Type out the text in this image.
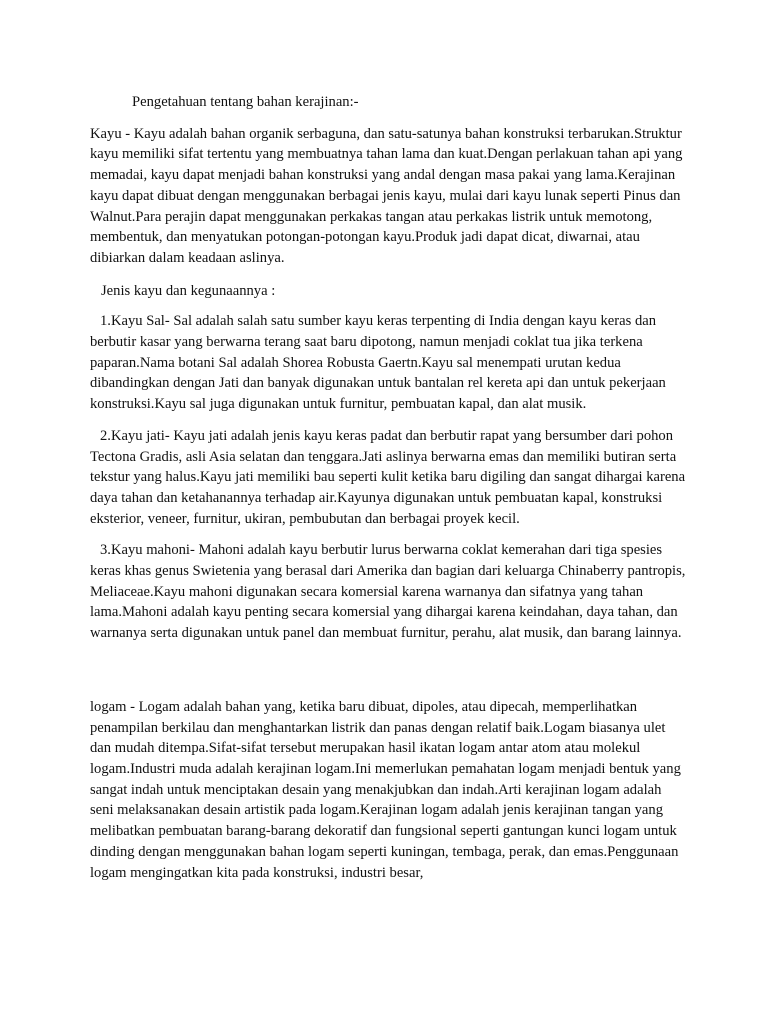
Pengetahuan tentang bahan kerajinan:-

Kayu - Kayu adalah bahan organik serbaguna, dan satu-satunya bahan konstruksi terbarukan.Struktur kayu memiliki sifat tertentu yang membuatnya tahan lama dan kuat.Dengan perlakuan tahan api yang memadai, kayu dapat menjadi bahan konstruksi yang andal dengan masa pakai yang lama.Kerajinan kayu dapat dibuat dengan menggunakan berbagai jenis kayu, mulai dari kayu lunak seperti Pinus dan Walnut.Para perajin dapat menggunakan perkakas tangan atau perkakas listrik untuk memotong, membentuk, dan menyatukan potongan-potongan kayu.Produk jadi dapat dicat, diwarnai, atau dibiarkan dalam keadaan aslinya.

Jenis kayu dan kegunaannya :

1.Kayu Sal- Sal adalah salah satu sumber kayu keras terpenting di India dengan kayu keras dan berbutir kasar yang berwarna terang saat baru dipotong, namun menjadi coklat tua jika terkena paparan.Nama botani Sal adalah Shorea Robusta Gaertn.Kayu sal menempati urutan kedua dibandingkan dengan Jati dan banyak digunakan untuk bantalan rel kereta api dan untuk pekerjaan konstruksi.Kayu sal juga digunakan untuk furnitur, pembuatan kapal, dan alat musik.

2.Kayu jati- Kayu jati adalah jenis kayu keras padat dan berbutir rapat yang bersumber dari pohon Tectona Gradis, asli Asia selatan dan tenggara.Jati aslinya berwarna emas dan memiliki butiran serta tekstur yang halus.Kayu jati memiliki bau seperti kulit ketika baru digiling dan sangat dihargai karena daya tahan dan ketahanannya terhadap air.Kayunya digunakan untuk pembuatan kapal, konstruksi eksterior, veneer, furnitur, ukiran, pembubutan dan berbagai proyek kecil.

3.Kayu mahoni- Mahoni adalah kayu berbutir lurus berwarna coklat kemerahan dari tiga spesies keras khas genus Swietenia yang berasal dari Amerika dan bagian dari keluarga Chinaberry pantropis, Meliaceae.Kayu mahoni digunakan secara komersial karena warnanya dan sifatnya yang tahan lama.Mahoni adalah kayu penting secara komersial yang dihargai karena keindahan, daya tahan, dan warnanya serta digunakan untuk panel dan membuat furnitur, perahu, alat musik, dan barang lainnya.

logam - Logam adalah bahan yang, ketika baru dibuat, dipoles, atau dipecah, memperlihatkan penampilan berkilau dan menghantarkan listrik dan panas dengan relatif baik.Logam biasanya ulet dan mudah ditempa.Sifat-sifat tersebut merupakan hasil ikatan logam antar atom atau molekul logam.Industri muda adalah kerajinan logam.Ini memerlukan pemahatan logam menjadi bentuk yang sangat indah untuk menciptakan desain yang menakjubkan dan indah.Arti kerajinan logam adalah seni melaksanakan desain artistik pada logam.Kerajinan logam adalah jenis kerajinan tangan yang melibatkan pembuatan barang-barang dekoratif dan fungsional seperti gantungan kunci logam untuk dinding dengan menggunakan bahan logam seperti kuningan, tembaga, perak, dan emas.Penggunaan logam mengingatkan kita pada konstruksi, industri besar,
